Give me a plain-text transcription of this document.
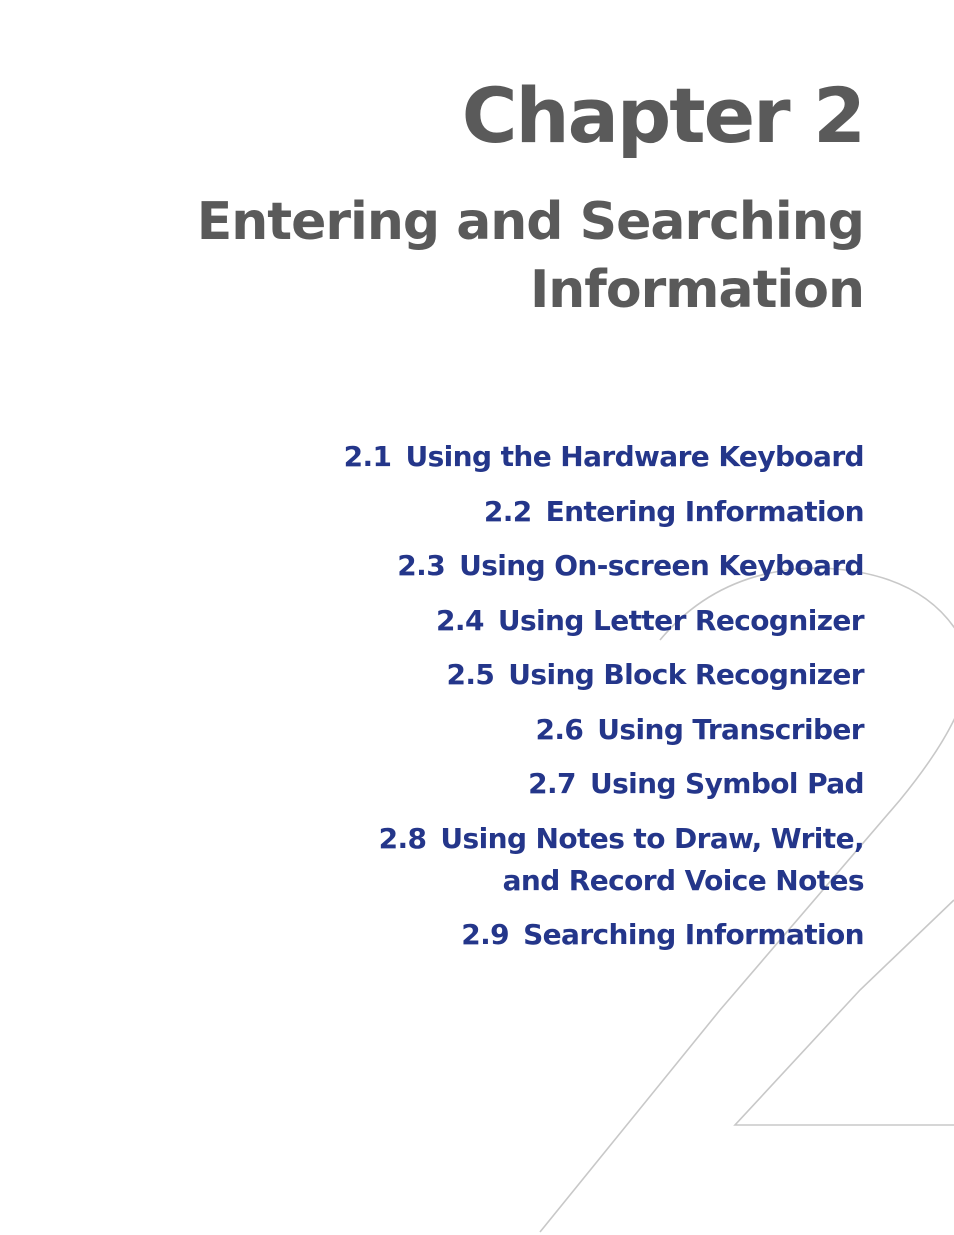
Chapter 2
Entering and Searching
Information
2.1 Using the Hardware Keyboard
2.2 Entering Information
2.3 Using On-screen Keyboard
2.4 Using Letter Recognizer
2.5 Using Block Recognizer
2.6 Using Transcriber
2.7 Using Symbol Pad
2.8 Using Notes to Draw, Write,
and Record Voice Notes
2.9 Searching Information
